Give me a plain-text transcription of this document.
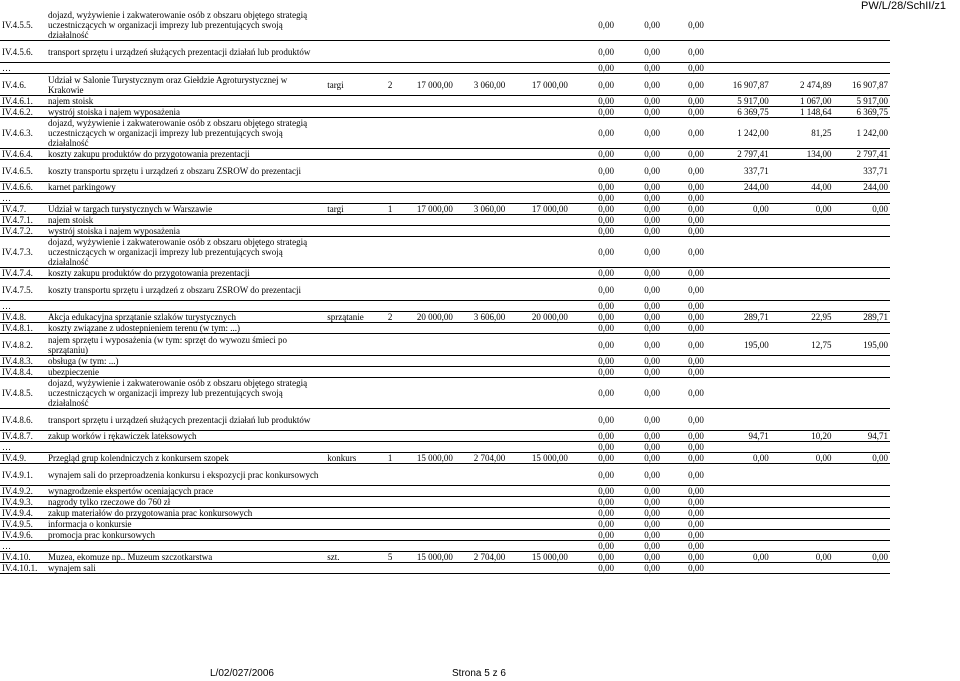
PW/L/28/SchII/z1
IV.4.5.5.	dojazd, wyżywienie i zakwaterowanie osób z obszaru objętego strategią uczestniczących w organizacji imprezy lub prezentujących swoją działalność						0,00	0,00	0,00			
IV.4.5.6.	transport sprzętu i urządzeń służących prezentacji działań lub produktów						0,00	0,00	0,00			
…							0,00	0,00	0,00			
IV.4.6.	Udział w Salonie Turystycznym oraz Giełdzie Agroturystycznej w Krakowie	targi	2	17 000,00	3 060,00	17 000,00	0,00	0,00	0,00	16 907,87	2 474,89	16 907,87
IV.4.6.1.	najem stoisk						0,00	0,00	0,00	5 917,00	1 067,00	5 917,00
IV.4.6.2.	wystrój stoiska i najem wyposażenia						0,00	0,00	0,00	6 369,75	1 148,64	6 369,75
IV.4.6.3.	dojazd, wyżywienie i zakwaterowanie osób z obszaru objętego strategią uczestniczących w organizacji imprezy lub prezentujących swoją działalność						0,00	0,00	0,00	1 242,00	81,25	1 242,00
IV.4.6.4.	koszty zakupu produktów do przygotowania prezentacji						0,00	0,00	0,00	2 797,41	134,00	2 797,41
IV.4.6.5.	koszty transportu sprzętu i urządzeń z obszaru ZSROW do prezentacji						0,00	0,00	0,00	337,71		337,71
IV.4.6.6.	karnet parkingowy						0,00	0,00	0,00	244,00	44,00	244,00
…							0,00	0,00	0,00			
IV.4.7.	Udział w targach turystycznych w Warszawie	targi	1	17 000,00	3 060,00	17 000,00	0,00	0,00	0,00	0,00	0,00	0,00
IV.4.7.1.	najem stoisk						0,00	0,00	0,00			
IV.4.7.2.	wystrój stoiska i najem wyposażenia						0,00	0,00	0,00			
IV.4.7.3.	dojazd, wyżywienie i zakwaterowanie osób z obszaru objętego strategią uczestniczących w organizacji imprezy lub prezentujących swoją działalność						0,00	0,00	0,00			
IV.4.7.4.	koszty zakupu produktów do przygotowania prezentacji						0,00	0,00	0,00			
IV.4.7.5.	koszty transportu sprzętu i urządzeń z obszaru ZSROW do prezentacji						0,00	0,00	0,00			
…							0,00	0,00	0,00			
IV.4.8.	Akcja edukacyjna sprzątanie szlaków turystycznych	sprzątanie	2	20 000,00	3 606,00	20 000,00	0,00	0,00	0,00	289,71	22,95	289,71
IV.4.8.1.	koszty związane z udostepnieniem terenu (w tym: ...)						0,00	0,00	0,00			
IV.4.8.2.	najem sprzętu i wyposażenia (w tym: sprzęt do wywozu śmieci po sprzątaniu)						0,00	0,00	0,00	195,00	12,75	195,00
IV.4.8.3.	obsługa (w tym: ...)						0,00	0,00	0,00			
IV.4.8.4.	ubezpieczenie						0,00	0,00	0,00			
IV.4.8.5.	dojazd, wyżywienie i zakwaterowanie osób z obszaru objętego strategią uczestniczących w organizacji imprezy lub prezentujących swoją działalność						0,00	0,00	0,00			
IV.4.8.6.	transport sprzętu i urządzeń służących prezentacji działań lub produktów						0,00	0,00	0,00			
IV.4.8.7.	zakup worków i rękawiczek lateksowych						0,00	0,00	0,00	94,71	10,20	94,71
…							0,00	0,00	0,00			
IV.4.9.	Przegląd grup kolendniczych z konkursem szopek	konkurs	1	15 000,00	2 704,00	15 000,00	0,00	0,00	0,00	0,00	0,00	0,00
IV.4.9.1.	wynajem sali do przeproadzenia konkursu i ekspozycji prac konkursowych						0,00	0,00	0,00			
IV.4.9.2.	wynagrodzenie ekspertów oceniających prace						0,00	0,00	0,00			
IV.4.9.3.	nagrody tylko rzeczowe do 760 zł						0,00	0,00	0,00			
IV.4.9.4.	zakup materiałów do przygotowania prac konkursowych						0,00	0,00	0,00			
IV.4.9.5.	informacja o konkursie						0,00	0,00	0,00			
IV.4.9.6.	promocja prac konkursowych						0,00	0,00	0,00			
…							0,00	0,00	0,00			
IV.4.10.	Muzea, ekomuze np.. Muzeum szczotkarstwa	szt.	5	15 000,00	2 704,00	15 000,00	0,00	0,00	0,00	0,00	0,00	0,00
IV.4.10.1.	wynajem sali						0,00	0,00	0,00			
L/02/027/2006	Strona 5 z 6
